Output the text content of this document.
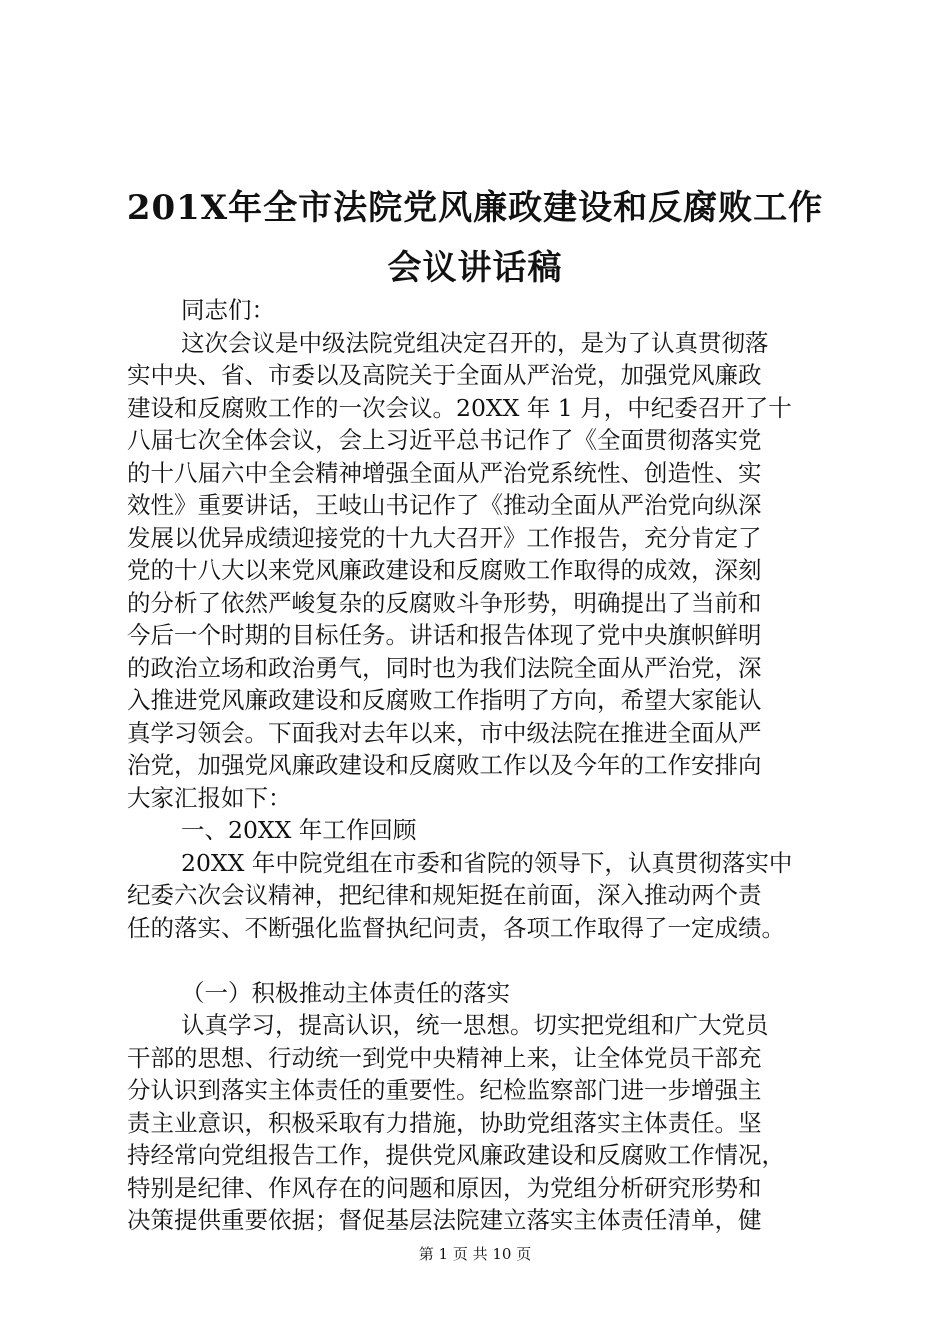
201X年全市法院党风廉政建设和反腐败工作
会议讲话稿
同志们：
这次会议是中级法院党组决定召开的，是为了认真贯彻落
实中央、省、市委以及高院关于全面从严治党，加强党风廉政
建设和反腐败工作的一次会议。20XX 年 1 月，中纪委召开了十
八届七次全体会议，会上习近平总书记作了《全面贯彻落实党
的十八届六中全会精神增强全面从严治党系统性、创造性、实
效性》重要讲话，王岐山书记作了《推动全面从严治党向纵深
发展以优异成绩迎接党的十九大召开》工作报告，充分肯定了
党的十八大以来党风廉政建设和反腐败工作取得的成效，深刻
的分析了依然严峻复杂的反腐败斗争形势，明确提出了当前和
今后一个时期的目标任务。讲话和报告体现了党中央旗帜鲜明
的政治立场和政治勇气，同时也为我们法院全面从严治党，深
入推进党风廉政建设和反腐败工作指明了方向，希望大家能认
真学习领会。下面我对去年以来，市中级法院在推进全面从严
治党，加强党风廉政建设和反腐败工作以及今年的工作安排向
大家汇报如下：
一、20XX 年工作回顾
20XX 年中院党组在市委和省院的领导下，认真贯彻落实中
纪委六次会议精神，把纪律和规矩挺在前面，深入推动两个责
任的落实、不断强化监督执纪问责，各项工作取得了一定成绩。
（一）积极推动主体责任的落实
认真学习，提高认识，统一思想。切实把党组和广大党员
干部的思想、行动统一到党中央精神上来，让全体党员干部充
分认识到落实主体责任的重要性。纪检监察部门进一步增强主
责主业意识，积极采取有力措施，协助党组落实主体责任。坚
持经常向党组报告工作，提供党风廉政建设和反腐败工作情况，
特别是纪律、作风存在的问题和原因，为党组分析研究形势和
决策提供重要依据；督促基层法院建立落实主体责任清单，健
第 1 页 共 10 页
